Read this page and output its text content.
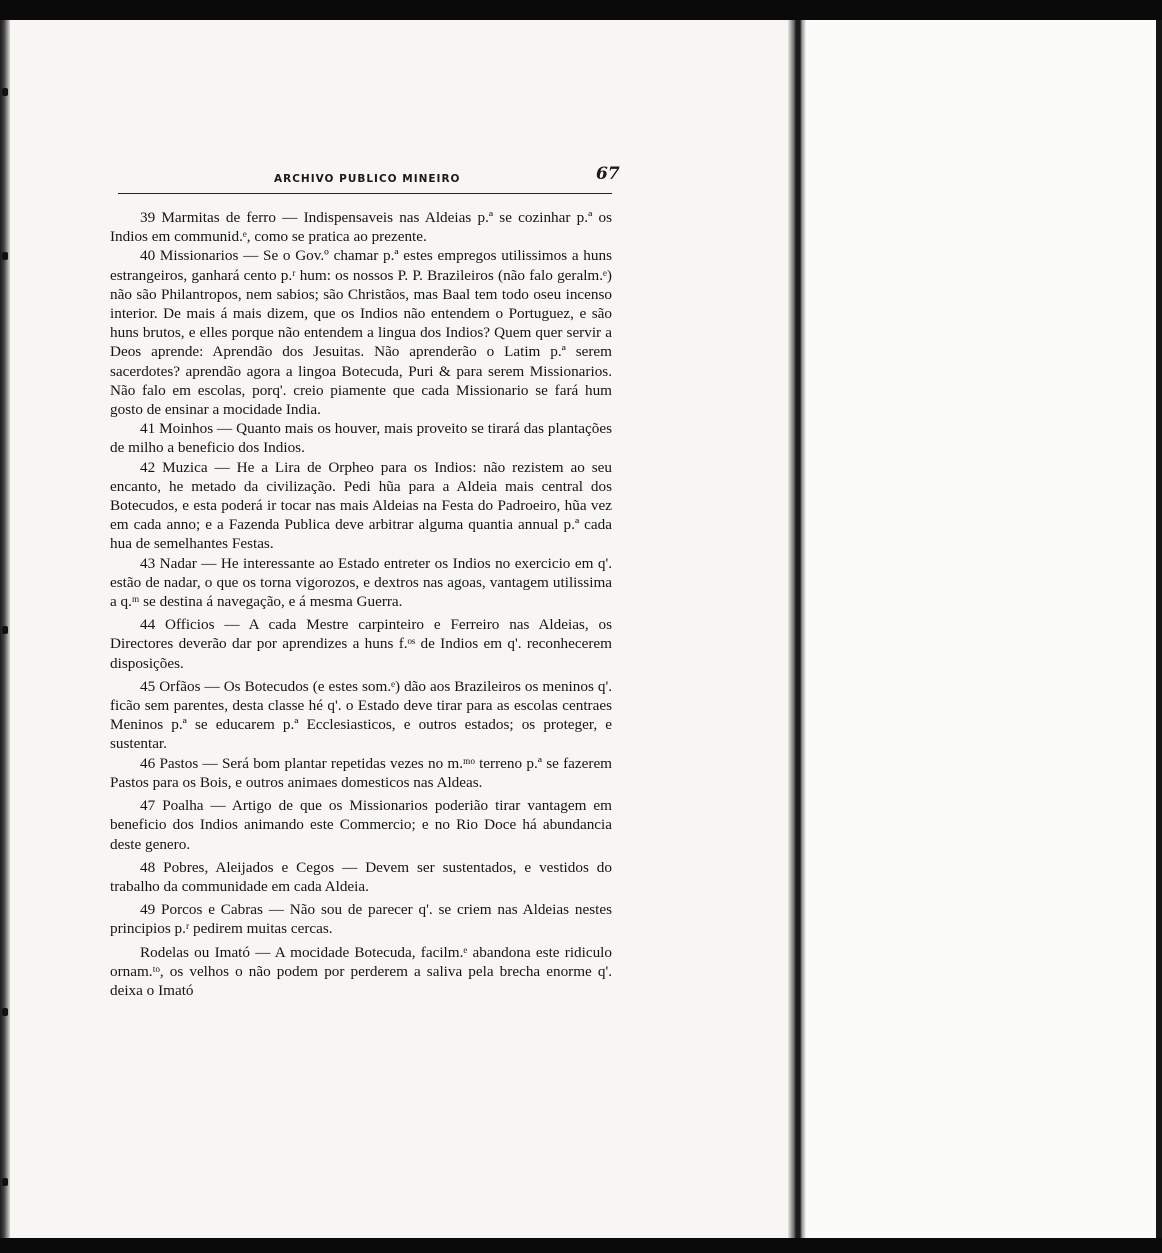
ARCHIVO PUBLICO MINEIRO	67

39 Marmitas de ferro — Indispensaveis nas Aldeias p.ª se cozinhar p.ª os Indios em communid.ᵉ, como se pratica ao prezente.

40 Missionarios — Se o Gov.º chamar p.ª estes empregos utilissimos a huns estrangeiros, ganhará cento p.ʳ hum: os nossos P. P. Brazileiros (não falo geralm.ᵉ) não são Philantropos, nem sabios; são Christãos, mas Baal tem todo oseu incenso interior. De mais á mais dizem, que os Indios não entendem o Portuguez, e são huns brutos, e elles porque não entendem a lingua dos Indios? Quem quer servir a Deos aprende: Aprendão dos Jesuitas. Não aprenderão o Latim p.ª serem sacerdotes? aprendão agora a lingoa Botecuda, Puri & para serem Missionarios. Não falo em escolas, porq'. creio piamente que cada Missionario se fará hum gosto de ensinar a mocidade India.

41 Moinhos — Quanto mais os houver, mais proveito se tirará das plantações de milho a beneficio dos Indios.

42 Muzica — He a Lira de Orpheo para os Indios: não rezistem ao seu encanto, he metado da civilização. Pedi hũa para a Aldeia mais central dos Botecudos, e esta poderá ir tocar nas mais Aldeias na Festa do Padroeiro, hũa vez em cada anno; e a Fazenda Publica deve arbitrar alguma quantia annual p.ª cada hua de semelhantes Festas.

43 Nadar — He interessante ao Estado entreter os Indios no exercicio em q'. estão de nadar, o que os torna vigorozos, e dextros nas agoas, vantagem utilissima a q.ᵐ se destina á navegação, e á mesma Guerra.

44 Officios — A cada Mestre carpinteiro e Ferreiro nas Aldeias, os Directores deverão dar por aprendizes a huns f.ᵒˢ de Indios em q'. reconhecerem disposições.

45 Orfãos — Os Botecudos (e estes som.ᵉ) dão aos Brazileiros os meninos q'. ficão sem parentes, desta classe hé q'. o Estado deve tirar para as escolas centraes Meninos p.ª se educarem p.ª Ecclesiasticos, e outros estados; os proteger, e sustentar.

46 Pastos — Será bom plantar repetidas vezes no m.ᵐᵒ terreno p.ª se fazerem Pastos para os Bois, e outros animaes domesticos nas Aldeas.

47 Poalha — Artigo de que os Missionarios poderião tirar vantagem em beneficio dos Indios animando este Commercio; e no Rio Doce há abundancia deste genero.

48 Pobres, Aleijados e Cegos — Devem ser sustentados, e vestidos do trabalho da communidade em cada Aldeia.

49 Porcos e Cabras — Não sou de parecer q'. se criem nas Aldeias nestes principios p.ʳ pedirem muitas cercas.

Rodelas ou Imató — A mocidade Botecuda, facilm.ᵉ abandona este ridiculo ornam.ᵗᵒ, os velhos o não podem por perderem a saliva pela brecha enorme q'. deixa o Imató
